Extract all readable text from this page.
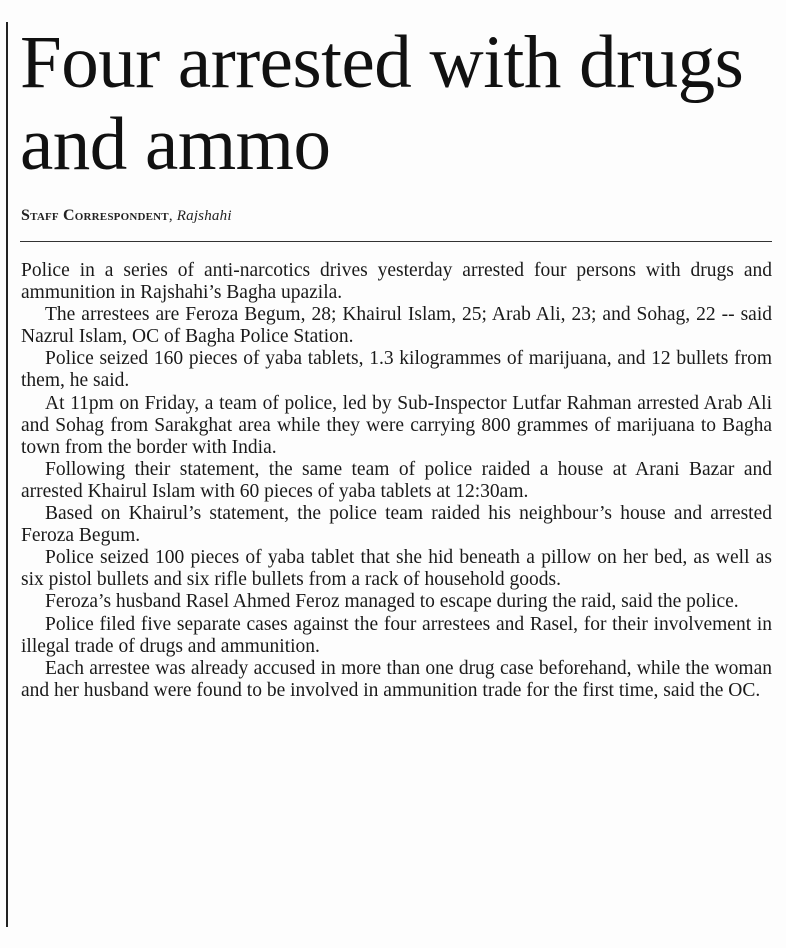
Four arrested with drugs and ammo
Staff Correspondent, Rajshahi

Police in a series of anti-narcotics drives yesterday arrested four persons with drugs and ammunition in Rajshahi’s Bagha upazila.

The arrestees are Feroza Begum, 28; Khairul Islam, 25; Arab Ali, 23; and Sohag, 22 -- said Nazrul Islam, OC of Bagha Police Station.

Police seized 160 pieces of yaba tablets, 1.3 kilogrammes of marijuana, and 12 bullets from them, he said.

At 11pm on Friday, a team of police, led by Sub-Inspector Lutfar Rahman arrested Arab Ali and Sohag from Sarakghat area while they were carrying 800 grammes of marijuana to Bagha town from the border with India.

Following their statement, the same team of police raided a house at Arani Bazar and arrested Khairul Islam with 60 pieces of yaba tablets at 12:30am.

Based on Khairul’s statement, the police team raided his neighbour’s house and arrested Feroza Begum.

Police seized 100 pieces of yaba tablet that she hid beneath a pillow on her bed, as well as six pistol bullets and six rifle bullets from a rack of household goods.

Feroza’s husband Rasel Ahmed Feroz managed to escape during the raid, said the police.

Police filed five separate cases against the four arrestees and Rasel, for their involvement in illegal trade of drugs and ammunition.

Each arrestee was already accused in more than one drug case beforehand, while the woman and her husband were found to be involved in ammunition trade for the first time, said the OC.
